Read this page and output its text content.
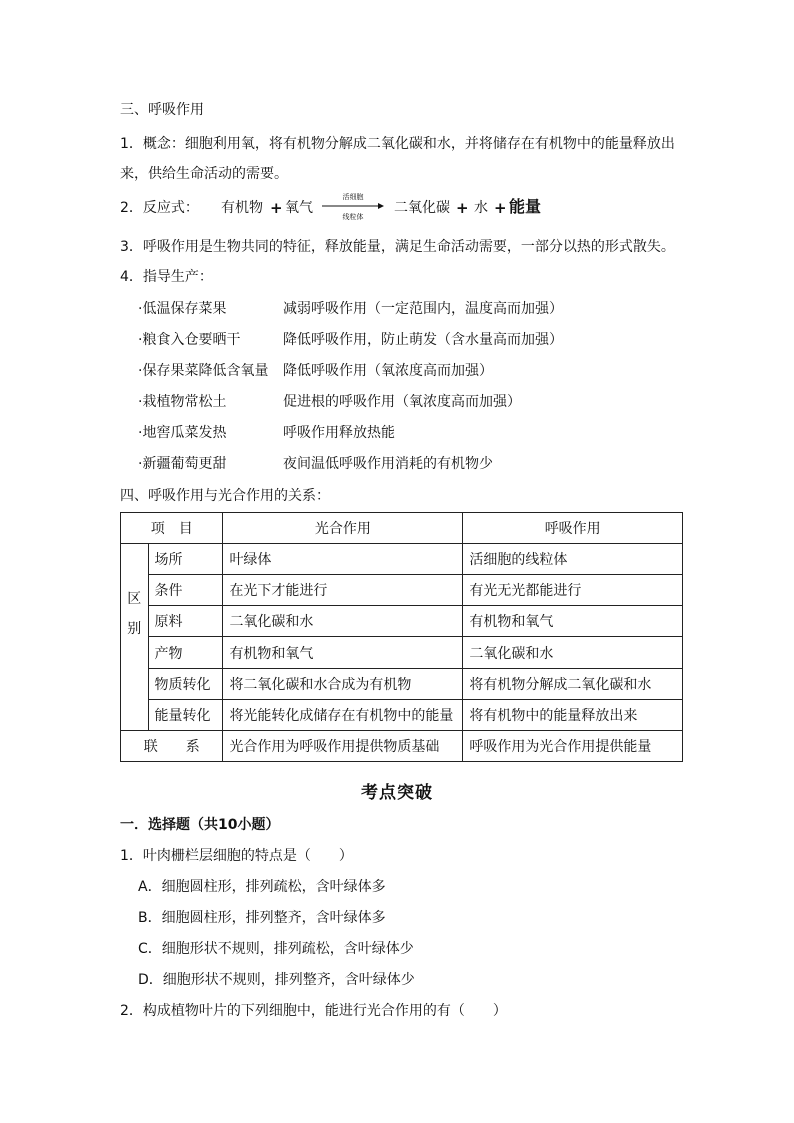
三、呼吸作用
1．概念：细胞利用氧，将有机物分解成二氧化碳和水，并将储存在有机物中的能量释放出
来，供给生命活动的需要。
2．反应式： 有机物 + 氧气
活细胞
线粒体
二氧化碳 + 水 + 能量
3．呼吸作用是生物共同的特征，释放能量，满足生命活动需要，一部分以热的形式散失。
4．指导生产：
·低温保存菜果	减弱呼吸作用（一定范围内，温度高而加强）
·粮食入仓要晒干	降低呼吸作用，防止萌发（含水量高而加强）
·保存果菜降低含氧量 降低呼吸作用（氧浓度高而加强）
·栽植物常松土	促进根的呼吸作用（氧浓度高而加强）
·地窖瓜菜发热	呼吸作用释放热能
·新疆葡萄更甜	夜间温低呼吸作用消耗的有机物少
四、呼吸作用与光合作用的关系：
项　目		光合作用	呼吸作用

区
别	场所	叶绿体	活细胞的线粒体
	条件	在光下才能进行	有光无光都能进行
	原料	二氧化碳和水	有机物和氧气
	产物	有机物和氧气	二氧化碳和水
	物质转化	将二氧化碳和水合成为有机物	将有机物分解成二氧化碳和水
	能量转化	将光能转化成储存在有机物中的能量	将有机物中的能量释放出来
联　　系		光合作用为呼吸作用提供物质基础	呼吸作用为光合作用提供能量
考点突破
一．选择题（共10小题）
1．叶肉栅栏层细胞的特点是（　　）
A．细胞圆柱形，排列疏松，含叶绿体多
B．细胞圆柱形，排列整齐，含叶绿体多
C．细胞形状不规则，排列疏松，含叶绿体少
D．细胞形状不规则，排列整齐，含叶绿体少
2．构成植物叶片的下列细胞中，能进行光合作用的有（　　）
